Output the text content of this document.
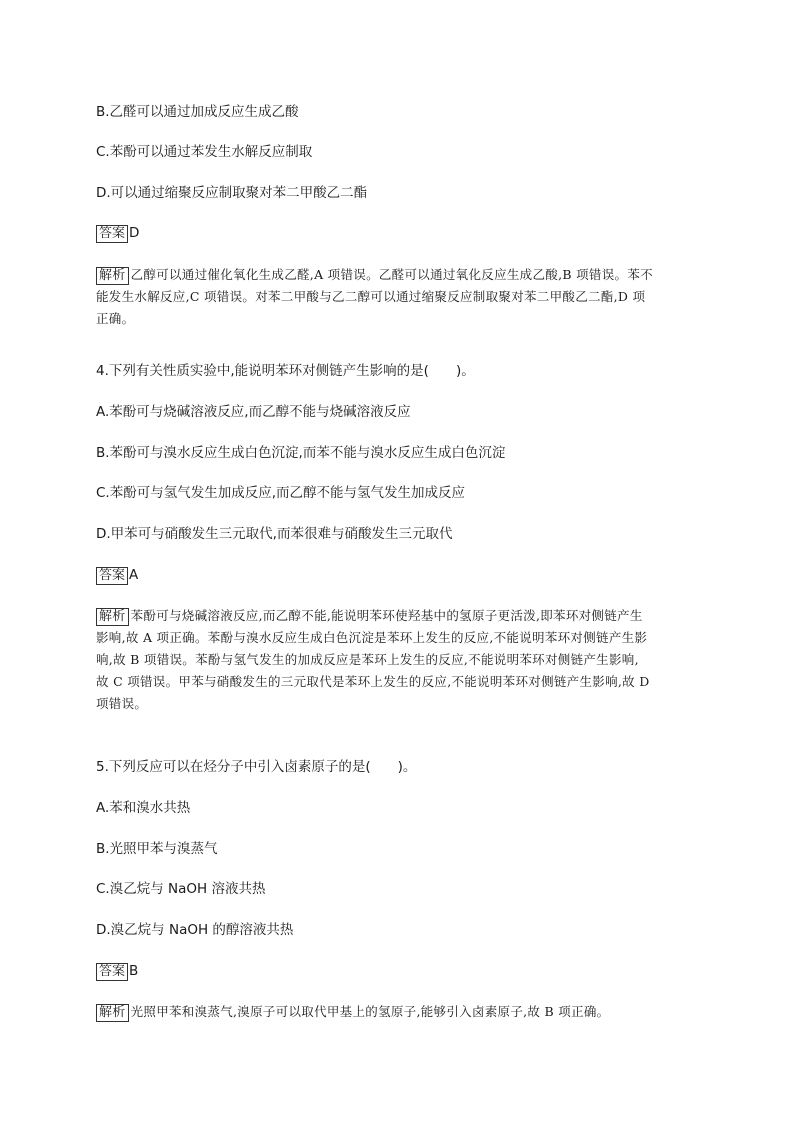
B.乙醛可以通过加成反应生成乙酸
C.苯酚可以通过苯发生水解反应制取
D.可以通过缩聚反应制取聚对苯二甲酸乙二酯
答案 D
解析 乙醇可以通过催化氧化生成乙醛,A 项错误。乙醛可以通过氧化反应生成乙酸,B 项错误。苯不
能发生水解反应,C 项错误。对苯二甲酸与乙二醇可以通过缩聚反应制取聚对苯二甲酸乙二酯,D 项
正确。
4.下列有关性质实验中,能说明苯环对侧链产生影响的是(　　)。
A.苯酚可与烧碱溶液反应,而乙醇不能与烧碱溶液反应
B.苯酚可与溴水反应生成白色沉淀,而苯不能与溴水反应生成白色沉淀
C.苯酚可与氢气发生加成反应,而乙醇不能与氢气发生加成反应
D.甲苯可与硝酸发生三元取代,而苯很难与硝酸发生三元取代
答案 A
解析 苯酚可与烧碱溶液反应,而乙醇不能,能说明苯环使羟基中的氢原子更活泼,即苯环对侧链产生
影响,故 A 项正确。苯酚与溴水反应生成白色沉淀是苯环上发生的反应,不能说明苯环对侧链产生影
响,故 B 项错误。苯酚与氢气发生的加成反应是苯环上发生的反应,不能说明苯环对侧链产生影响,
故 C 项错误。甲苯与硝酸发生的三元取代是苯环上发生的反应,不能说明苯环对侧链产生影响,故 D
项错误。
5.下列反应可以在烃分子中引入卤素原子的是(　　)。
A.苯和溴水共热
B.光照甲苯与溴蒸气
C.溴乙烷与 NaOH 溶液共热
D.溴乙烷与 NaOH 的醇溶液共热
答案 B
解析 光照甲苯和溴蒸气,溴原子可以取代甲基上的氢原子,能够引入卤素原子,故 B 项正确。
